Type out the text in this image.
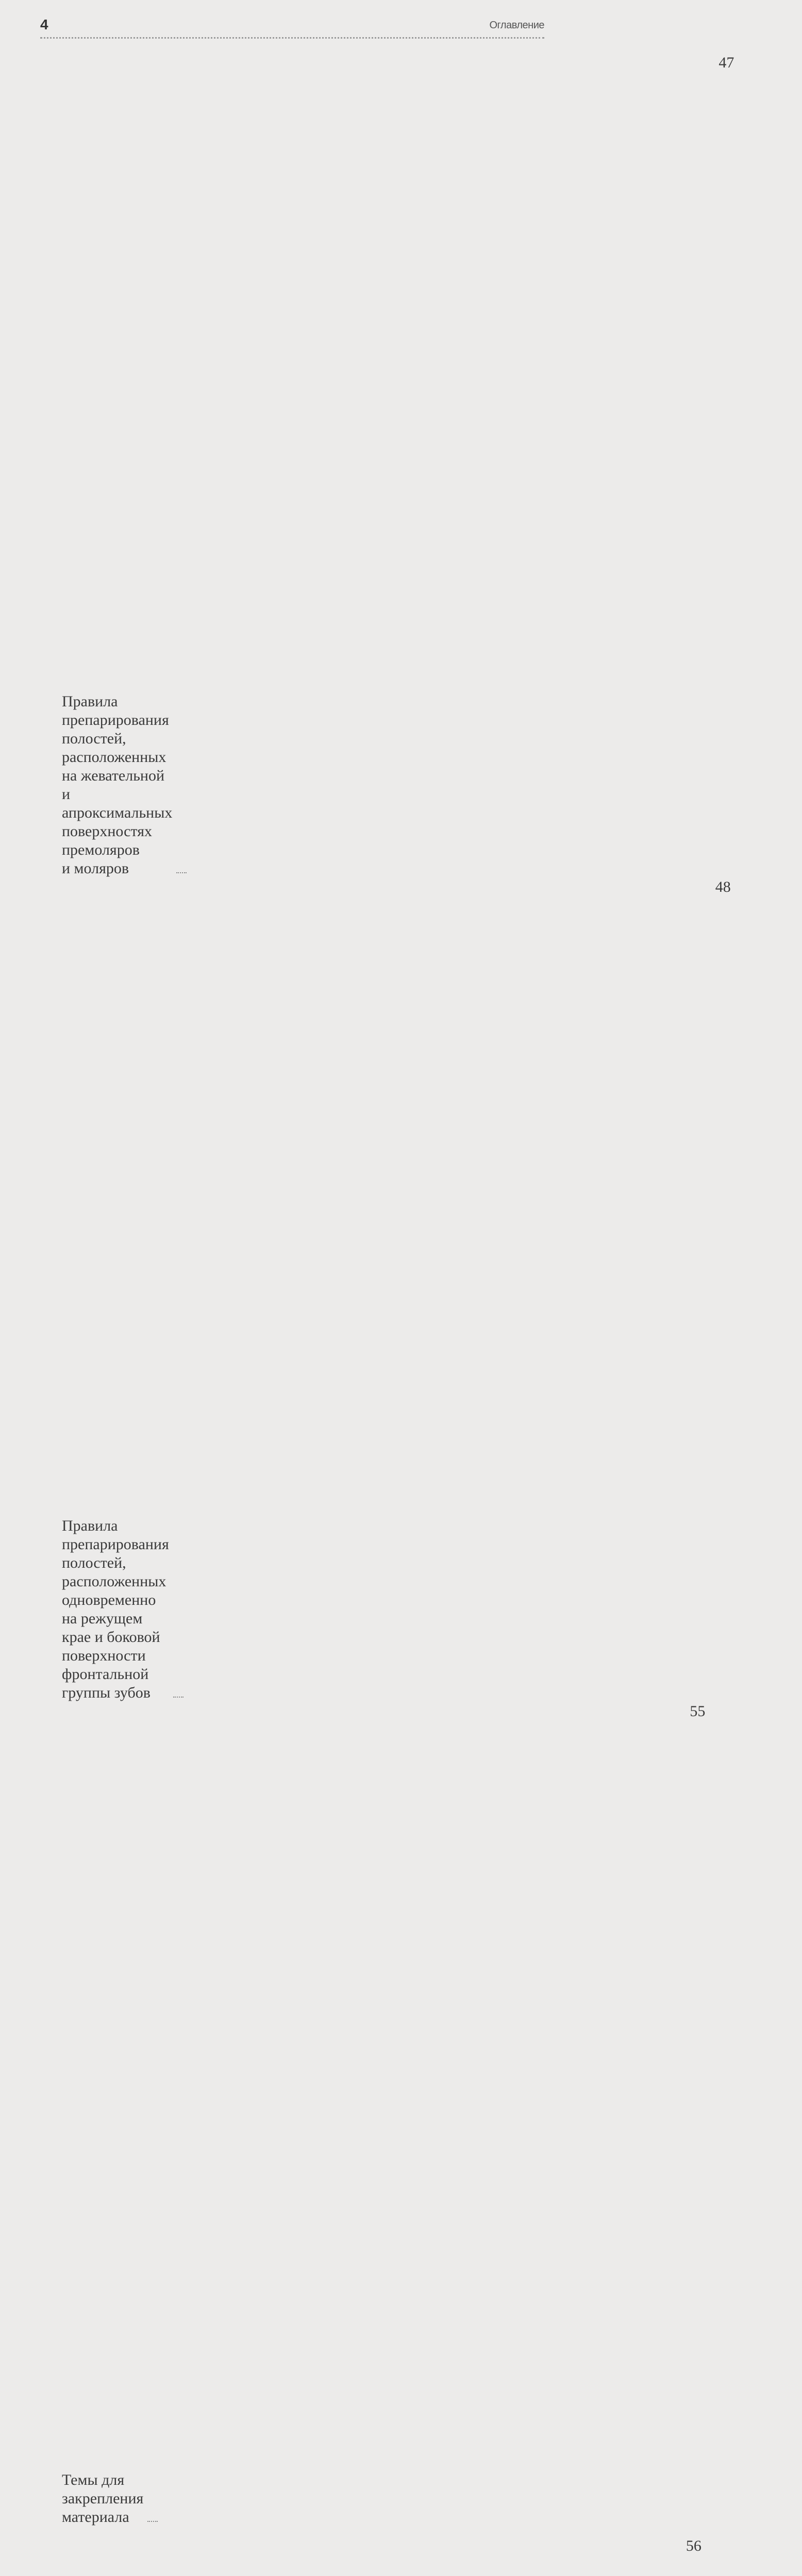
4	Оглавление
Правила препарирования полостей, расположенных
на жевательной и апроксимальных поверхностях премоляров
и моляров
47
Правила препарирования полостей, расположенных
одновременно на режущем крае и боковой поверхности
фронтальной группы зубов
48
Темы для закрепления материала
55
56
